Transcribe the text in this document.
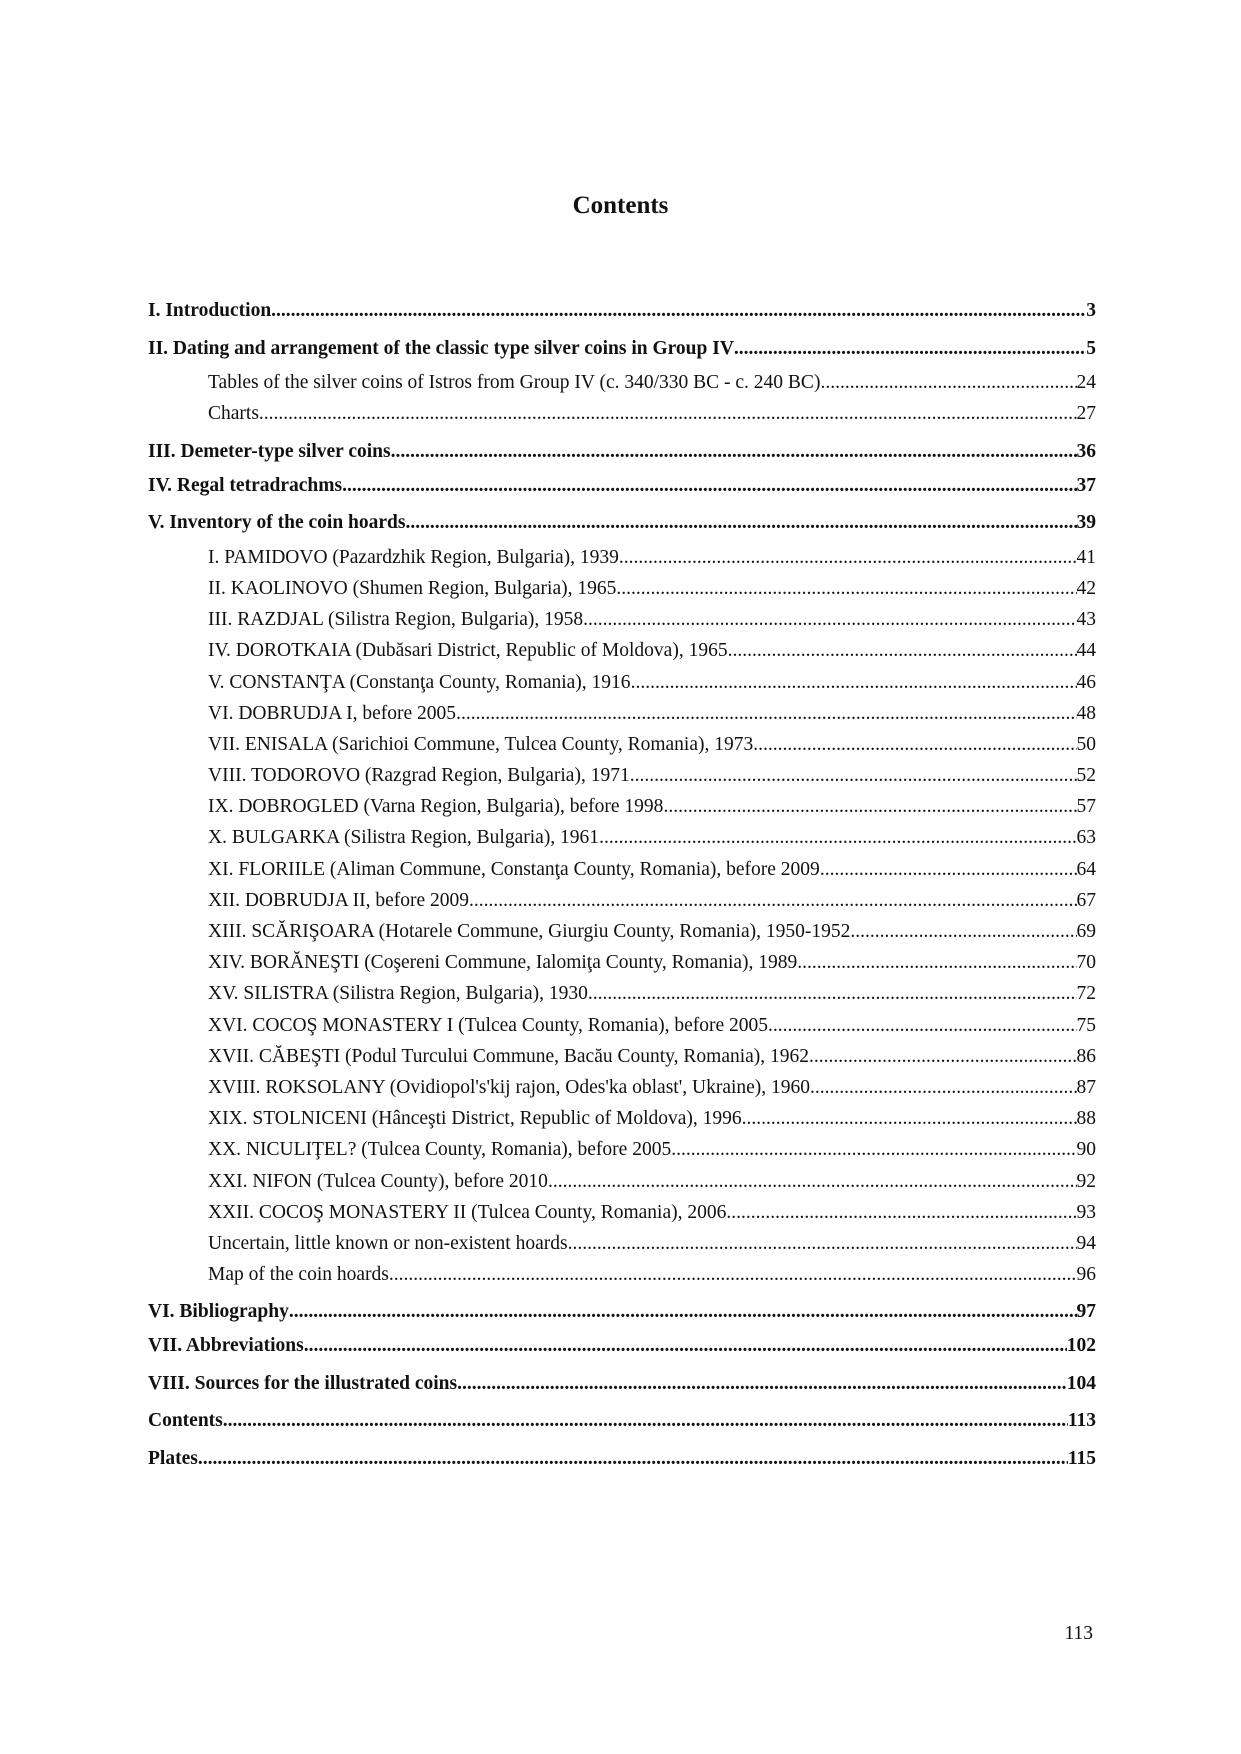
Contents
I. Introduction .....	3
II. Dating and arrangement of the classic type silver coins in Group IV .....	5
Tables of the silver coins of Istros from Group IV (c. 340/330 BC - c. 240 BC) .....	24
Charts .....	27
III. Demeter-type silver coins .....	36
IV. Regal tetradrachms .....	37
V. Inventory of the coin hoards .....	39
I. PAMIDOVO (Pazardzhik Region, Bulgaria), 1939 .....	41
II. KAOLINOVO (Shumen Region, Bulgaria), 1965 .....	42
III. RAZDJAL (Silistra Region, Bulgaria), 1958 .....	43
IV. DOROTKAIA (Dubăsari District, Republic of Moldova), 1965 .....	44
V. CONSTANŢA (Constanţa County, Romania), 1916 .....	46
VI. DOBRUDJA I, before 2005 .....	48
VII. ENISALA (Sarichioi Commune, Tulcea County, Romania), 1973 .....	50
VIII. TODOROVO (Razgrad Region, Bulgaria), 1971 .....	52
IX. DOBROGLED (Varna Region, Bulgaria), before 1998 .....	57
X. BULGARKA (Silistra Region, Bulgaria), 1961 .....	63
XI. FLORIILE (Aliman Commune, Constanţa County, Romania), before 2009 .....	64
XII. DOBRUDJA II, before 2009 .....	67
XIII. SCĂRIŞOARA (Hotarele Commune, Giurgiu County, Romania), 1950-1952 .....	69
XIV. BORĂNEŞTI (Coşereni Commune, Ialomiţa County, Romania), 1989 .....	70
XV. SILISTRA (Silistra Region, Bulgaria), 1930 .....	72
XVI. COCOŞ MONASTERY I (Tulcea County, Romania), before 2005 .....	75
XVII. CĂBEŞTI (Podul Turcului Commune, Bacău County, Romania), 1962 .....	86
XVIII. ROKSOLANY (Ovidiopol's'kij rajon, Odes'ka oblast', Ukraine), 1960 .....	87
XIX. STOLNICENI (Hânceşti District, Republic of Moldova), 1996 .....	88
XX. NICULIŢEL? (Tulcea County, Romania), before 2005 .....	90
XXI. NIFON (Tulcea County), before 2010 .....	92
XXII. COCOŞ MONASTERY II (Tulcea County, Romania), 2006 .....	93
Uncertain, little known or non-existent hoards .....	94
Map of the coin hoards .....	96
VI. Bibliography .....	97
VII. Abbreviations .....	102
VIII. Sources for the illustrated coins .....	104
Contents .....	113
Plates .....	115
113
